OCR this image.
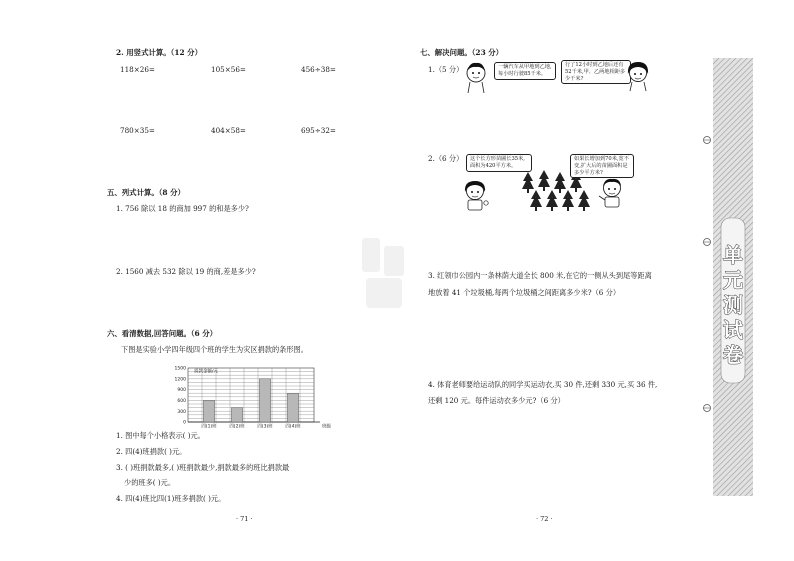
2. 用竖式计算。（12 分）
118×26=	105×56=	456÷38=
780×35=	404×58=	695÷32=
五、列式计算。（8 分）
1. 756 除以 18 的商加 997 的和是多少?
2. 1560 减去 532 除以 19 的商,差是多少?
六、看清数据,回答问题。（6 分）
下图是实验小学四年级四个班的学生为灾区捐款的条形图。
四(1)班	四(2)班	四(3)班	四(4)班
1500
1200
900
600
300
0
捐款金额/元
班级
1. 图中每个小格表示( )元。
2. 四(4)班捐款( )元。
3. ( )班捐款最多,( )班捐款最少,捐款最多的班比捐款最
少的班多( )元。
4. 四(4)班比四(1)班多捐款( )元。
· 71 ·
七、解决问题。（23 分）
1.（5 分）	一辆汽车从甲地到乙地,每小时行驶85千米。
行了12小时到乙地后还有52千米,甲、乙两地相距多少千米?
2.（6 分）	这个长方形苗圃长35米,面积为420平方米。
如果长增加到70米,宽不变,扩大后的苗圃面积是多少平方米?
3. 红领巾公园内一条林荫大道全长 800 米,在它的一侧从头到尾等距离
地放着 41 个垃圾桶,每两个垃圾桶之间距离多少米?（6 分）
4. 体育老师要给运动队的同学买运动衣,买 30 件,还剩 330 元,买 36 件,
还剩 120 元。每件运动衣多少元?（6 分）
· 72 ·
单
元
测
试
卷
